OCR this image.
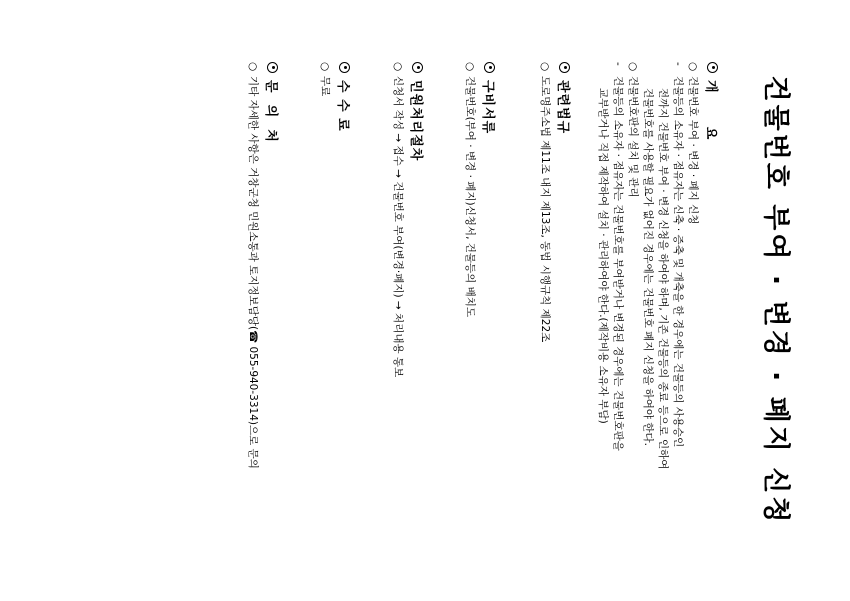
건물번호 부여 · 변경 · 폐지 신청
개      요
○
건물번호 부여 · 변경 · 폐지 신청
-
건물등의 소유자 · 점유자는 신축 · 증축 및 개축을 한 경우에는 건물등의 사용승인
전까지 건물번호 부여 · 변경 신청을 하여야 하며, 기존 건물등의 종료 등으로 인하여
건물번호를 사용할 필요가 없어진 경우에는 건물번호 폐지 신청을 하여야 한다.
○
건물번호판의 설치 및 관리
-
건물등의 소유자 · 점유자는 건물번호를 부여받거나 변경된 경우에는 건물번호판을
교부받거나 직접 제작하여 설치 · 관리하여야 한다.(제작비용 소유자 부담)
관련법규
○
도로명주소법 제11조 내지 제13조, 동법 시행규칙 제22조
구비서류
○
건물번호(부여 · 변경 · 폐지)신청서, 건물등의 배치도
민원처리절차
○
신청서 작성 → 접수 → 건물번호 부여(변경·폐지) → 처리내용 통보
수 수 료
○
무료
문  의  처
○
기타 자세한 사항은 거창군청 민원소통과 토지정보담당(☎ 055-940-3314)으로 문의
